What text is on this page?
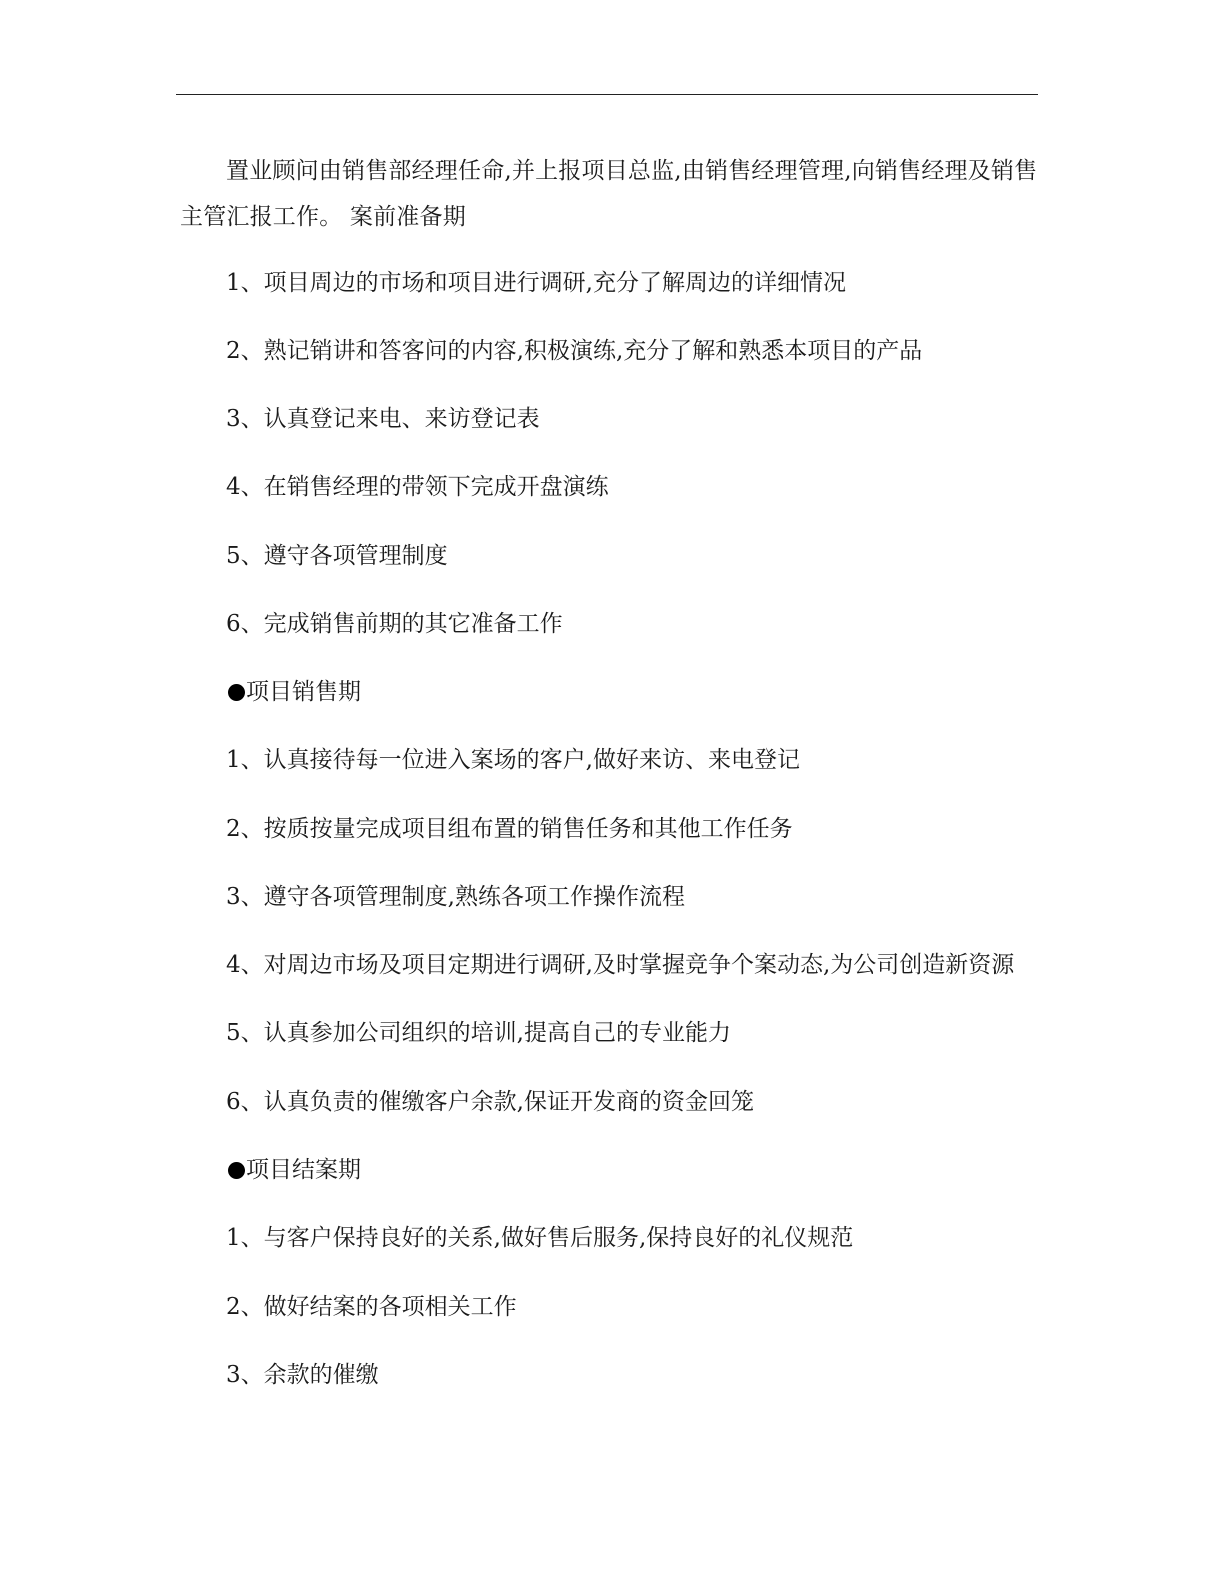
置业顾问由销售部经理任命,并上报项目总监,由销售经理管理,向销售经理及销售主管汇报工作。 案前准备期

1、项目周边的市场和项目进行调研,充分了解周边的详细情况

2、熟记销讲和答客问的内容,积极演练,充分了解和熟悉本项目的产品

3、认真登记来电、来访登记表

4、在销售经理的带领下完成开盘演练

5、遵守各项管理制度

6、完成销售前期的其它准备工作

项目销售期

1、认真接待每一位进入案场的客户,做好来访、来电登记

2、按质按量完成项目组布置的销售任务和其他工作任务

3、遵守各项管理制度,熟练各项工作操作流程

4、对周边市场及项目定期进行调研,及时掌握竞争个案动态,为公司创造新资源

5、认真参加公司组织的培训,提高自己的专业能力

6、认真负责的催缴客户余款,保证开发商的资金回笼

项目结案期

1、与客户保持良好的关系,做好售后服务,保持良好的礼仪规范

2、做好结案的各项相关工作

3、余款的催缴
